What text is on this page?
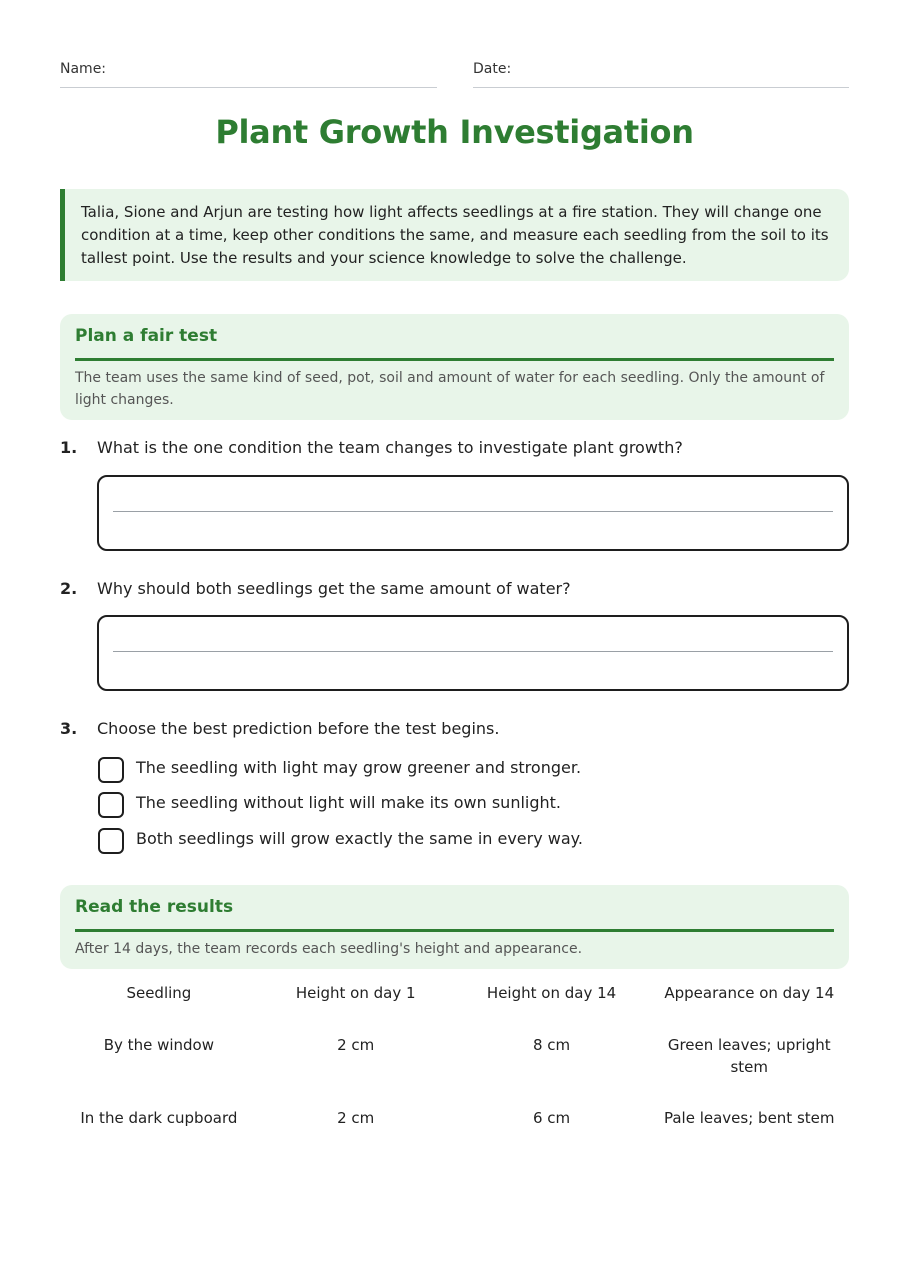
Name:	Date:
Plant Growth Investigation
Talia, Sione and Arjun are testing how light affects seedlings at a fire station. They will change one condition at a time, keep other conditions the same, and measure each seedling from the soil to its tallest point. Use the results and your science knowledge to solve the challenge.
Plan a fair test
The team uses the same kind of seed, pot, soil and amount of water for each seedling. Only the amount of light changes.
1. What is the one condition the team changes to investigate plant growth?
2. Why should both seedlings get the same amount of water?
3. Choose the best prediction before the test begins.
The seedling with light may grow greener and stronger.
The seedling without light will make its own sunlight.
Both seedlings will grow exactly the same in every way.
Read the results
After 14 days, the team records each seedling's height and appearance.
Seedling	Height on day 1	Height on day 14	Appearance on day 14
By the window	2 cm	8 cm	Green leaves; upright stem
In the dark cupboard	2 cm	6 cm	Pale leaves; bent stem
